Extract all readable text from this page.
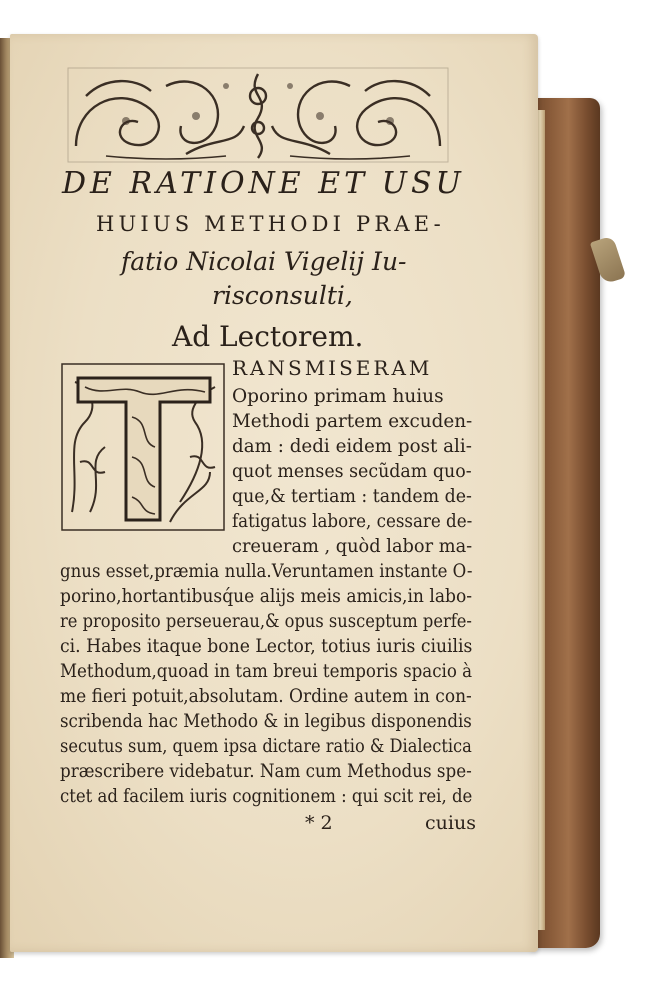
DE RATIONE ET USU
HUIUS METHODI PRAE-
fatio Nicolai Vigelij Iu-
risconsulti,
Ad Lectorem.
RANSMISERAM
Oporino primam huius
Methodi partem excuden-
dam : dedi eidem post ali-
quot menses secũdam quo-
que,& tertiam : tandem de-
fatigatus labore, cessare de-
creueram , quòd labor ma-
gnus esset,præmia nulla.Veruntamen instante O-
porino,hortantibusq́ue alijs meis amicis,in labo-
re proposito perseuerau,& opus susceptum perfe-
ci. Habes itaque bone Lector, totius iuris ciuilis
Methodum,quoad in tam breui temporis spacio à
me fieri potuit,absolutam. Ordine autem in con-
scribenda hac Methodo & in legibus disponendis
secutus sum, quem ipsa dictare ratio & Dialectica
præscribere videbatur. Nam cum Methodus spe-
ctet ad facilem iuris cognitionem : qui scit rei, de
* 2	cuius
